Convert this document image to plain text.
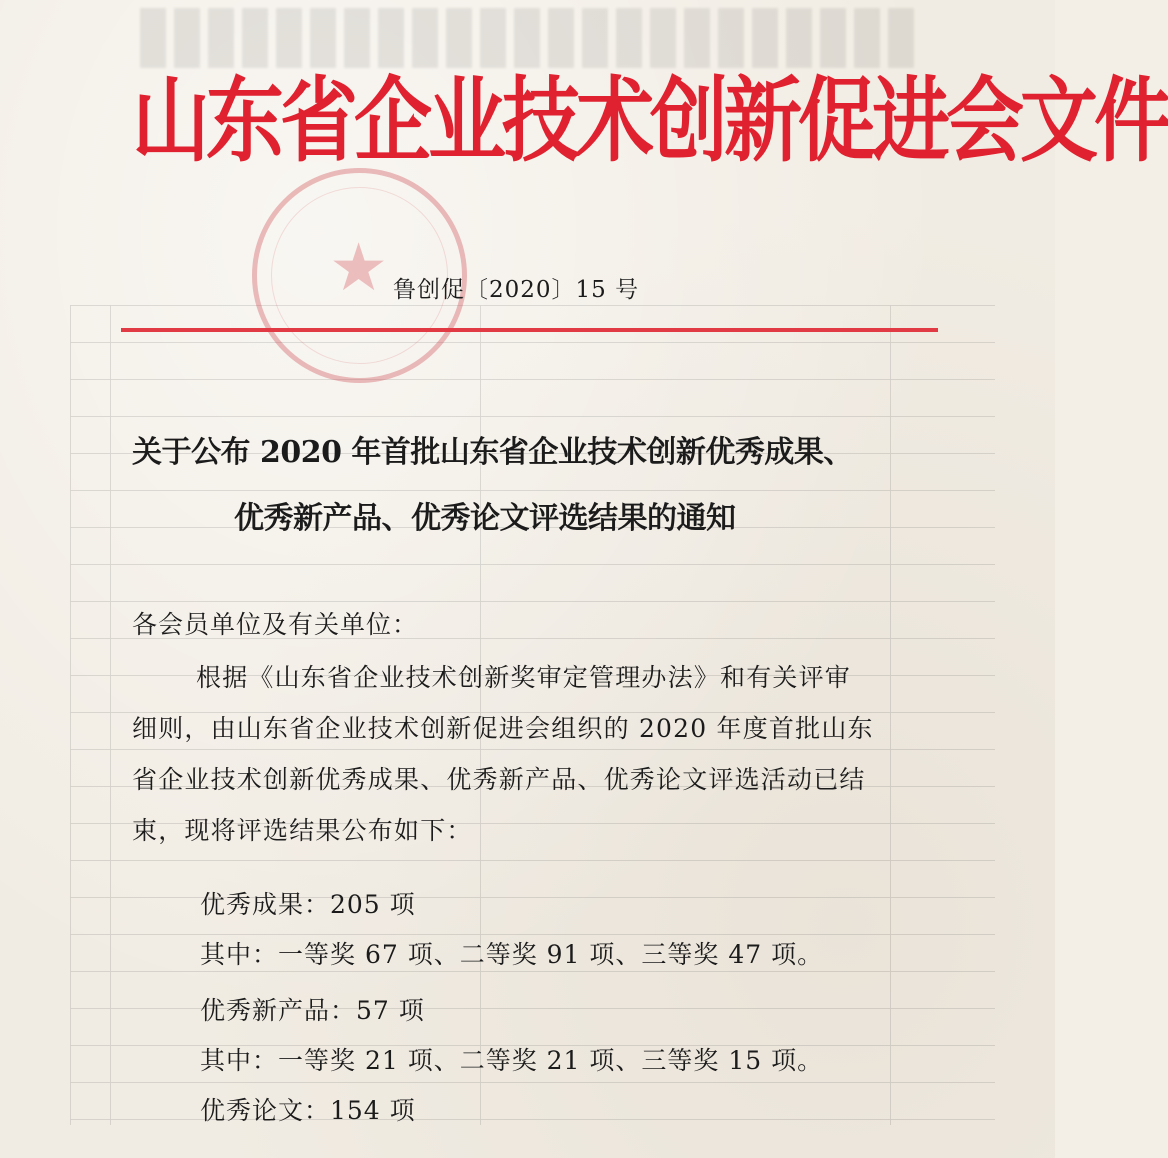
★
山东省企业技术创新促进会文件
鲁创促〔2020〕15 号
关于公布 2020 年首批山东省企业技术创新优秀成果、
优秀新产品、优秀论文评选结果的通知
各会员单位及有关单位：
根据《山东省企业技术创新奖审定管理办法》和有关评审
细则，由山东省企业技术创新促进会组织的 2020 年度首批山东
省企业技术创新优秀成果、优秀新产品、优秀论文评选活动已结
束，现将评选结果公布如下：
优秀成果：205 项
其中：一等奖 67 项、二等奖 91 项、三等奖 47 项。
优秀新产品：57 项
其中：一等奖 21 项、二等奖 21 项、三等奖 15 项。
优秀论文：154 项
